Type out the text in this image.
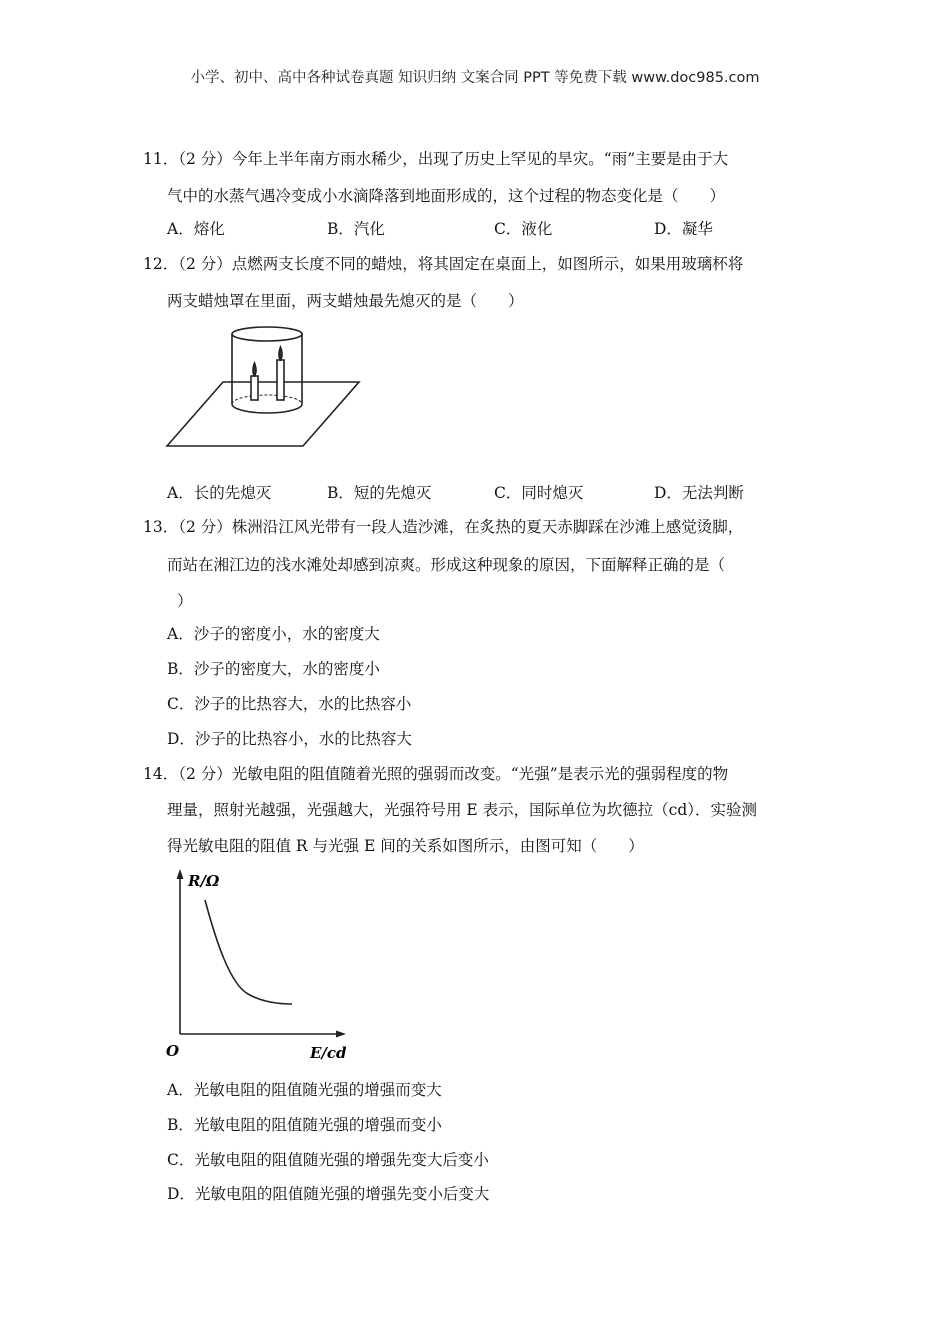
小学、初中、高中各种试卷真题 知识归纳 文案合同 PPT 等免费下载 www.doc985.com
11．（2 分）今年上半年南方雨水稀少，出现了历史上罕见的旱灾。“雨”主要是由于大
气中的水蒸气遇冷变成小水滴降落到地面形成的，这个过程的物态变化是（　　）
A．熔化	B．汽化	C．液化	D．凝华
12．（2 分）点燃两支长度不同的蜡烛，将其固定在桌面上，如图所示，如果用玻璃杯将
两支蜡烛罩在里面，两支蜡烛最先熄灭的是（　　）
A．长的先熄灭	B．短的先熄灭	C．同时熄灭	D．无法判断
13．（2 分）株洲沿江风光带有一段人造沙滩，在炙热的夏天赤脚踩在沙滩上感觉烫脚，
而站在湘江边的浅水滩处却感到凉爽。形成这种现象的原因，下面解释正确的是（
）
A．沙子的密度小，水的密度大
B．沙子的密度大，水的密度小
C．沙子的比热容大，水的比热容小
D．沙子的比热容小，水的比热容大
14．（2 分）光敏电阻的阻值随着光照的强弱而改变。“光强”是表示光的强弱程度的物
理量，照射光越强，光强越大，光强符号用 E 表示，国际单位为坎德拉（cd）．实验测
得光敏电阻的阻值 R 与光强 E 间的关系如图所示，由图可知（　　）
R/Ω
O	E/cd
A．光敏电阻的阻值随光强的增强而变大
B．光敏电阻的阻值随光强的增强而变小
C．光敏电阻的阻值随光强的增强先变大后变小
D．光敏电阻的阻值随光强的增强先变小后变大
